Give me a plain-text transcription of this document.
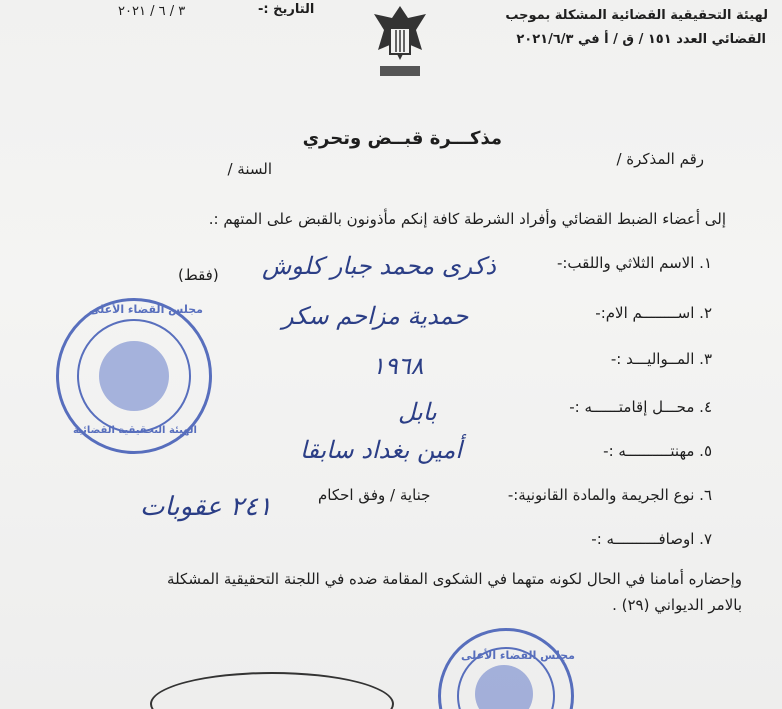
لهيئة التحقيقية القضائية المشكلة بموجب
القضائي العدد ١٥١ / ق / أ في ٢٠٢١/٦/٣
التاريخ :-
٣ / ٦ / ٢٠٢١
مذكـــرة قبــض وتحري
رقم المذكرة /
السنة /
إلى أعضاء الضبط القضائي وأفراد الشرطة كافة إنكم مأذونون بالقبض على المتهم :.
١. الاسم الثلاثي واللقب:-
(فقط) ذكرى محمد جبار كلوش
٢. اســــــــم الام:-
حمدية مزاحم سكر
٣. المــواليـــد :-
١٩٦٨
٤. محـــل إقامتــــــه :-
بابل
٥. مهنتــــــــــه :-
أمين بغداد سابقا
٦. نوع الجريمة والمادة القانونية:-
جناية / وفق احكام
٢٤١ عقوبات
٧. اوصافــــــــــه :-
وإحضاره أمامنا في الحال لكونه متهما في الشكوى المقامة ضده في اللجنة التحقيقية المشكلة
بالامر الديواني (٢٩) .
مجلس القضاء الأعلى
الهيئة التحقيقية القضائية
مجلس القضاء الأعلى
